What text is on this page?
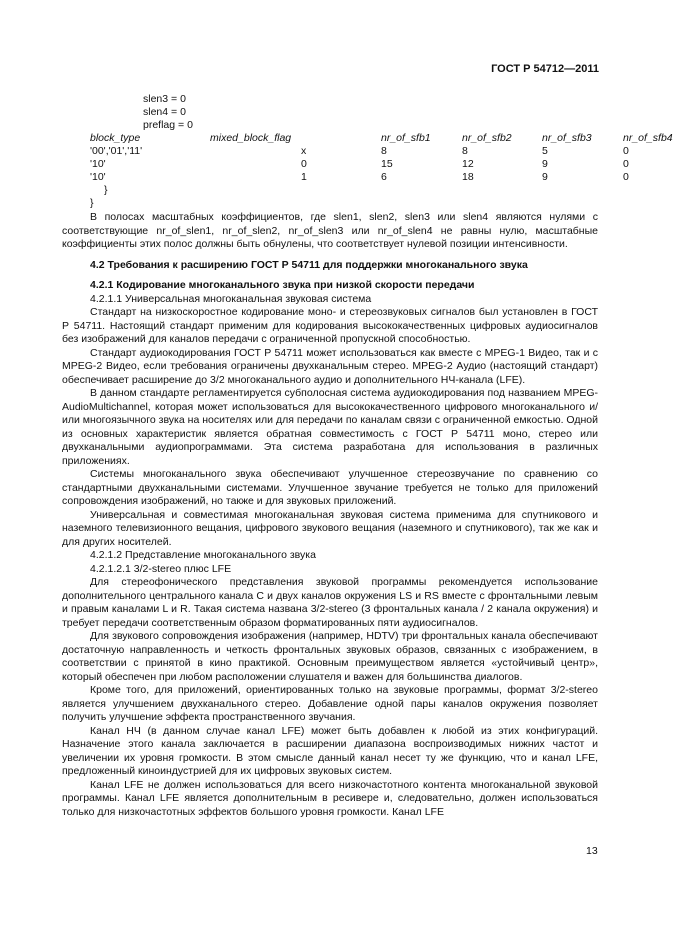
ГОСТ Р 54712—2011
slen3 = 0
slen4 = 0
preflag = 0
block_type	mixed_block_flag	nr_of_sfb1	nr_of_sfb2	nr_of_sfb3	nr_of_sfb4
'00','01','11'	x	8	8	5	0
'10'	0	15	12	9	0
'10'	1	6	18	9	0
}
}

В полосах масштабных коэффициентов, где slen1, slen2, slen3 или slen4 являются нулями с соответствующие nr_of_slen1, nr_of_slen2, nr_of_slen3 или nr_of_slen4 не равны нулю, масштабные коэффициенты этих полос должны быть обнулены, что соответствует нулевой позиции интенсивности.

4.2 Требования к расширению ГОСТ Р 54711 для поддержки многоканального звука

4.2.1 Кодирование многоканального звука при низкой скорости передачи

4.2.1.1 Универсальная многоканальная звуковая система

Стандарт на низкоскоростное кодирование моно- и стереозвуковых сигналов был установлен в ГОСТ Р 54711. Настоящий стандарт применим для кодирования высококачественных цифровых аудиосигналов без изображений для каналов передачи с ограниченной пропускной способностью.

Стандарт аудиокодирования ГОСТ Р 54711 может использоваться как вместе с MPEG-1 Видео, так и с MPEG-2 Видео, если требования ограничены двухканальным стерео. MPEG-2 Аудио (настоящий стандарт) обеспечивает расширение до 3/2 многоканального аудио и дополнительного НЧ-канала (LFE).

В данном стандарте регламентируется субполосная система аудиокодирования под названием MPEG-AudioMultichannel, которая может использоваться для высококачественного цифрового многоканального и/или многоязычного звука на носителях или для передачи по каналам связи с ограниченной емкостью. Одной из основных характеристик является обратная совместимость с ГОСТ Р 54711 моно, стерео или двухканальными аудиопрограммами. Эта система разработана для использования в различных приложениях.

Системы многоканального звука обеспечивают улучшенное стереозвучание по сравнению со стандартными двухканальными системами. Улучшенное звучание требуется не только для приложений сопровождения изображений, но также и для звуковых приложений.

Универсальная и совместимая многоканальная звуковая система применима для спутникового и наземного телевизионного вещания, цифрового звукового вещания (наземного и спутникового), так же как и для других носителей.

4.2.1.2 Представление многоканального звука

4.2.1.2.1 3/2-stereo плюс LFE

Для стереофонического представления звуковой программы рекомендуется использование дополнительного центрального канала C и двух каналов окружения LS и RS вместе с фронтальными левым и правым каналами L и R. Такая система названа 3/2-stereo (3 фронтальных канала / 2 канала окружения) и требует передачи соответственным образом форматированных пяти аудиосигналов.

Для звукового сопровождения изображения (например, HDTV) три фронтальных канала обеспечивают достаточную направленность и четкость фронтальных звуковых образов, связанных с изображением, в соответствии с принятой в кино практикой. Основным преимуществом является «устойчивый центр», который обеспечен при любом расположении слушателя и важен для большинства диалогов.

Кроме того, для приложений, ориентированных только на звуковые программы, формат 3/2-stereo является улучшением двухканального стерео. Добавление одной пары каналов окружения позволяет получить улучшение эффекта пространственного звучания.

Канал НЧ (в данном случае канал LFE) может быть добавлен к любой из этих конфигураций. Назначение этого канала заключается в расширении диапазона воспроизводимых нижних частот и увеличении их уровня громкости. В этом смысле данный канал несет ту же функцию, что и канал LFE, предложенный киноиндустрией для их цифровых звуковых систем.

Канал LFE не должен использоваться для всего низкочастотного контента многоканальной звуковой программы. Канал LFE является дополнительным в ресивере и, следовательно, должен использоваться только для низкочастотных эффектов большого уровня громкости. Канал LFE

13
